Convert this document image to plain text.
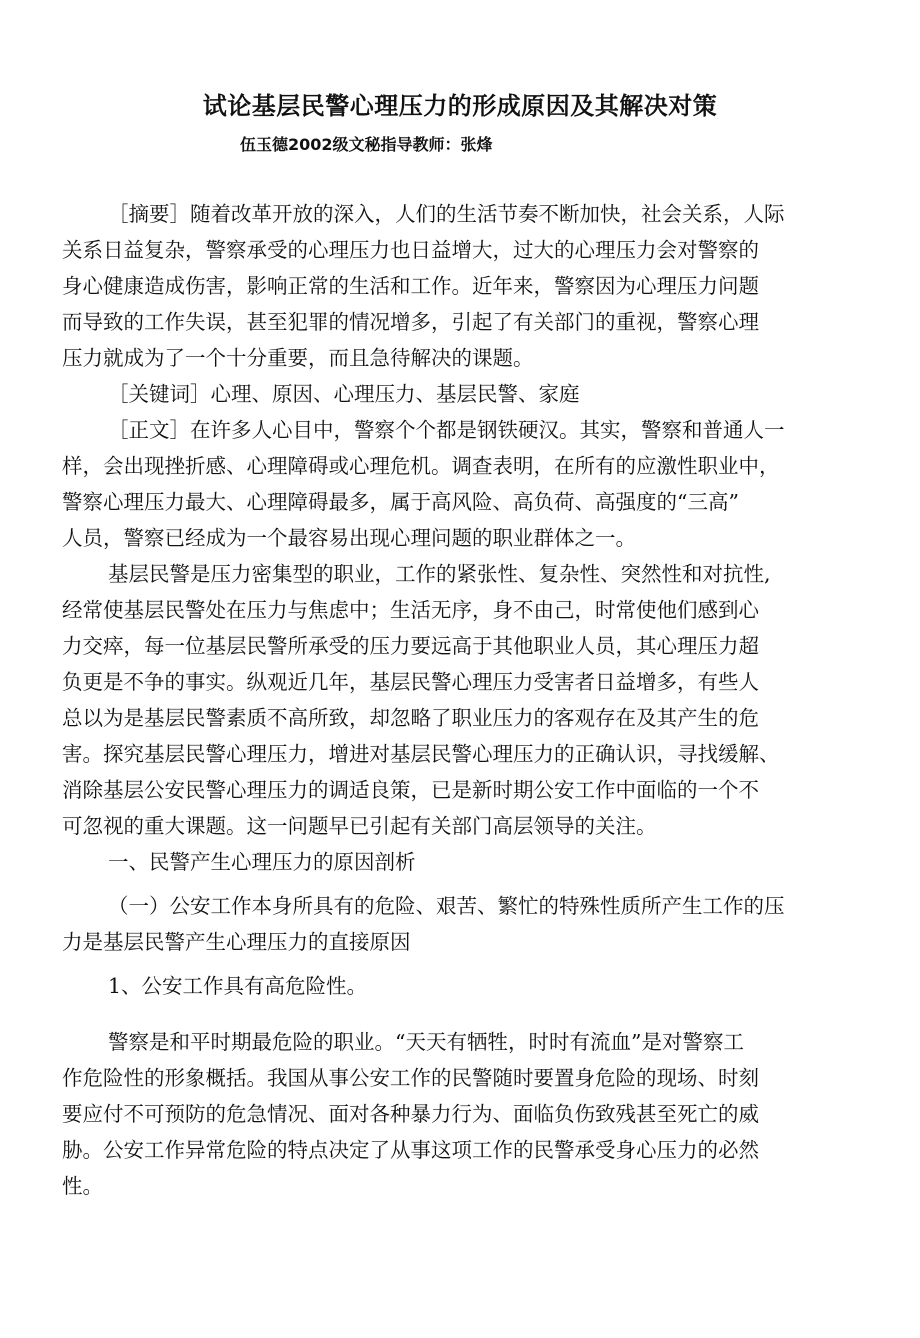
试论基层民警心理压力的形成原因及其解决对策
伍玉德2002级文秘指导教师：张烽
［摘要］随着改革开放的深入，人们的生活节奏不断加快，社会关系，人际
关系日益复杂，警察承受的心理压力也日益增大，过大的心理压力会对警察的
身心健康造成伤害，影响正常的生活和工作。近年来，警察因为心理压力问题
而导致的工作失误，甚至犯罪的情况增多，引起了有关部门的重视，警察心理
压力就成为了一个十分重要，而且急待解决的课题。
［关键词］心理、原因、心理压力、基层民警、家庭
［正文］在许多人心目中，警察个个都是钢铁硬汉。其实，警察和普通人一
样，会出现挫折感、心理障碍或心理危机。调查表明，在所有的应激性职业中，
警察心理压力最大、心理障碍最多，属于高风险、高负荷、高强度的“三高”
人员，警察已经成为一个最容易出现心理问题的职业群体之一。
基层民警是压力密集型的职业，工作的紧张性、复杂性、突然性和对抗性,
经常使基层民警处在压力与焦虑中；生活无序，身不由己，时常使他们感到心
力交瘁，每一位基层民警所承受的压力要远高于其他职业人员，其心理压力超
负更是不争的事实。纵观近几年，基层民警心理压力受害者日益增多，有些人
总以为是基层民警素质不高所致，却忽略了职业压力的客观存在及其产生的危
害。探究基层民警心理压力，增进对基层民警心理压力的正确认识，寻找缓解、
消除基层公安民警心理压力的调适良策，已是新时期公安工作中面临的一个不
可忽视的重大课题。这一问题早已引起有关部门高层领导的关注。
一、民警产生心理压力的原因剖析
（一）公安工作本身所具有的危险、艰苦、繁忙的特殊性质所产生工作的压
力是基层民警产生心理压力的直接原因
1、公安工作具有高危险性。
警察是和平时期最危险的职业。“天天有牺牲，时时有流血”是对警察工
作危险性的形象概括。我国从事公安工作的民警随时要置身危险的现场、时刻
要应付不可预防的危急情况、面对各种暴力行为、面临负伤致残甚至死亡的威
胁。公安工作异常危险的特点决定了从事这项工作的民警承受身心压力的必然
性。
